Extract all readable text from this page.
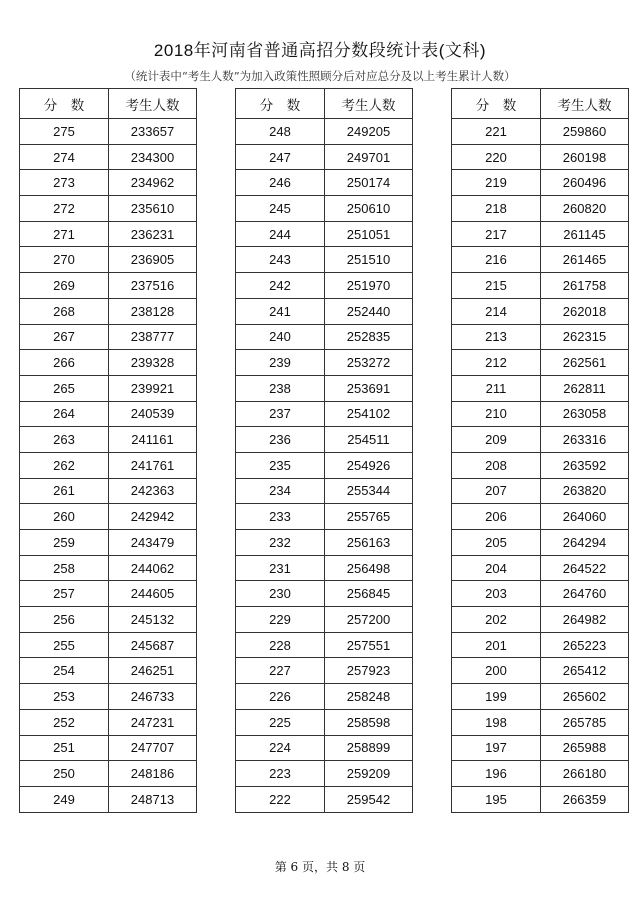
2018年河南省普通高招分数段统计表(文科)
（统计表中“考生人数”为加入政策性照顾分后对应总分及以上考生累计人数）
分　数	考生人数
275	233657
274	234300
273	234962
272	235610
271	236231
270	236905
269	237516
268	238128
267	238777
266	239328
265	239921
264	240539
263	241161
262	241761
261	242363
260	242942
259	243479
258	244062
257	244605
256	245132
255	245687
254	246251
253	246733
252	247231
251	247707
250	248186
249	248713
分　数	考生人数
248	249205
247	249701
246	250174
245	250610
244	251051
243	251510
242	251970
241	252440
240	252835
239	253272
238	253691
237	254102
236	254511
235	254926
234	255344
233	255765
232	256163
231	256498
230	256845
229	257200
228	257551
227	257923
226	258248
225	258598
224	258899
223	259209
222	259542
分　数	考生人数
221	259860
220	260198
219	260496
218	260820
217	261145
216	261465
215	261758
214	262018
213	262315
212	262561
211	262811
210	263058
209	263316
208	263592
207	263820
206	264060
205	264294
204	264522
203	264760
202	264982
201	265223
200	265412
199	265602
198	265785
197	265988
196	266180
195	266359
第 6 页，共 8 页
